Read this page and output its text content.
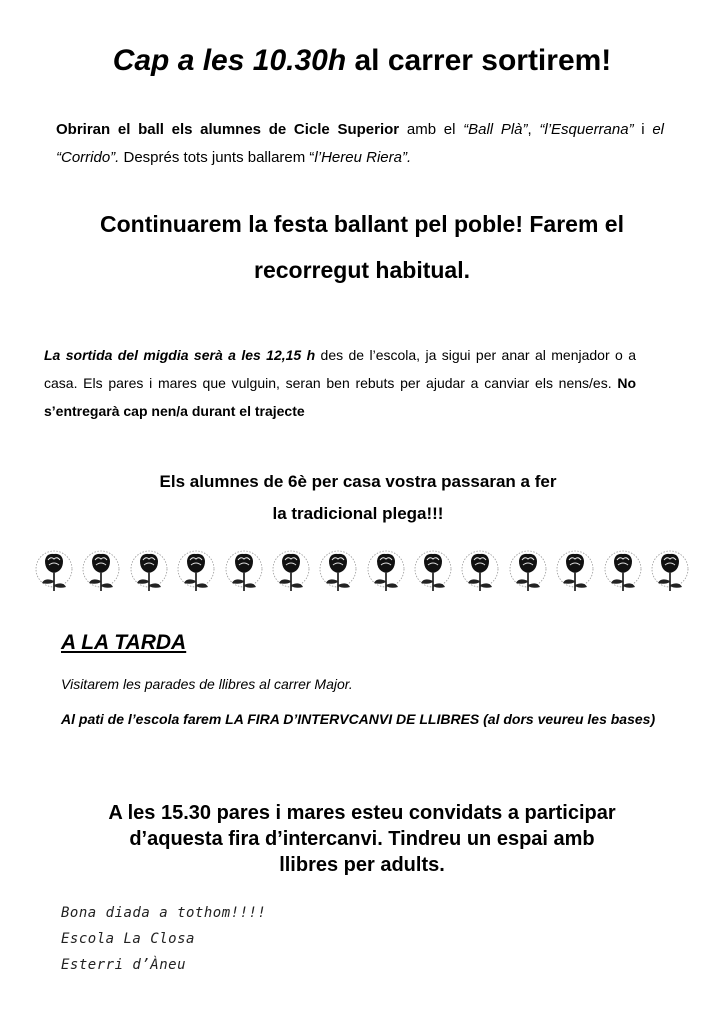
Cap a les 10.30h al carrer sortirem!

Obriran el ball els alumnes de Cicle Superior amb el “Ball Plà”, “l’Esquerrana” i el “Corrido”. Després tots junts ballarem “l’Hereu Riera”.

Continuarem la festa ballant pel poble! Farem el recorregut habitual.

La sortida del migdia serà a les 12,15 h des de l’escola, ja sigui per anar al menjador o a casa. Els pares i mares que vulguin, seran ben rebuts per ajudar a canviar els nens/es. No s’entregarà cap nen/a durant el trajecte

Els alumnes de 6è per casa vostra passaran a fer
la tradicional plega!!!
A LA TARDA

Visitarem les parades de llibres al carrer Major.

Al pati de l’escola farem LA FIRA D’INTERVCANVI DE LLIBRES (al dors veureu les bases)

A les 15.30 pares i mares esteu convidats a participar
d’aquesta fira d’intercanvi. Tindreu un espai amb
llibres per adults.
Bona diada a tothom!!!!
Escola La Closa
Esterri d’Àneu
